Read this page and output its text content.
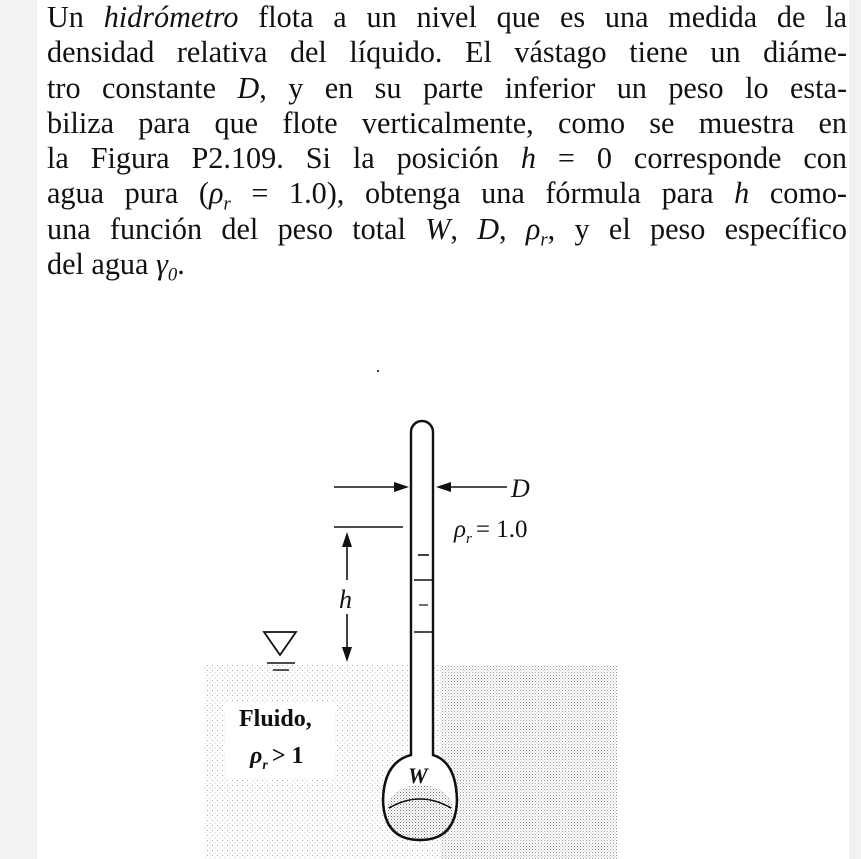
Un hidrómetro flota a un nivel que es una medida de la
densidad relativa del líquido. El vástago tiene un diáme-
tro constante D, y en su parte inferior un peso lo esta-
biliza para que flote verticalmente, como se muestra en
la Figura P2.109. Si la posición h = 0 corresponde con
agua pura $(\rho_r = 1.0)$, obtenga una fórmula para h como-
una función del peso total W, D, $\rho_r$, y el peso específico
del agua $\gamma_0$.
D
$\rho_r = 1.0$
h
Fluido,
$\rho_r > 1$
W
